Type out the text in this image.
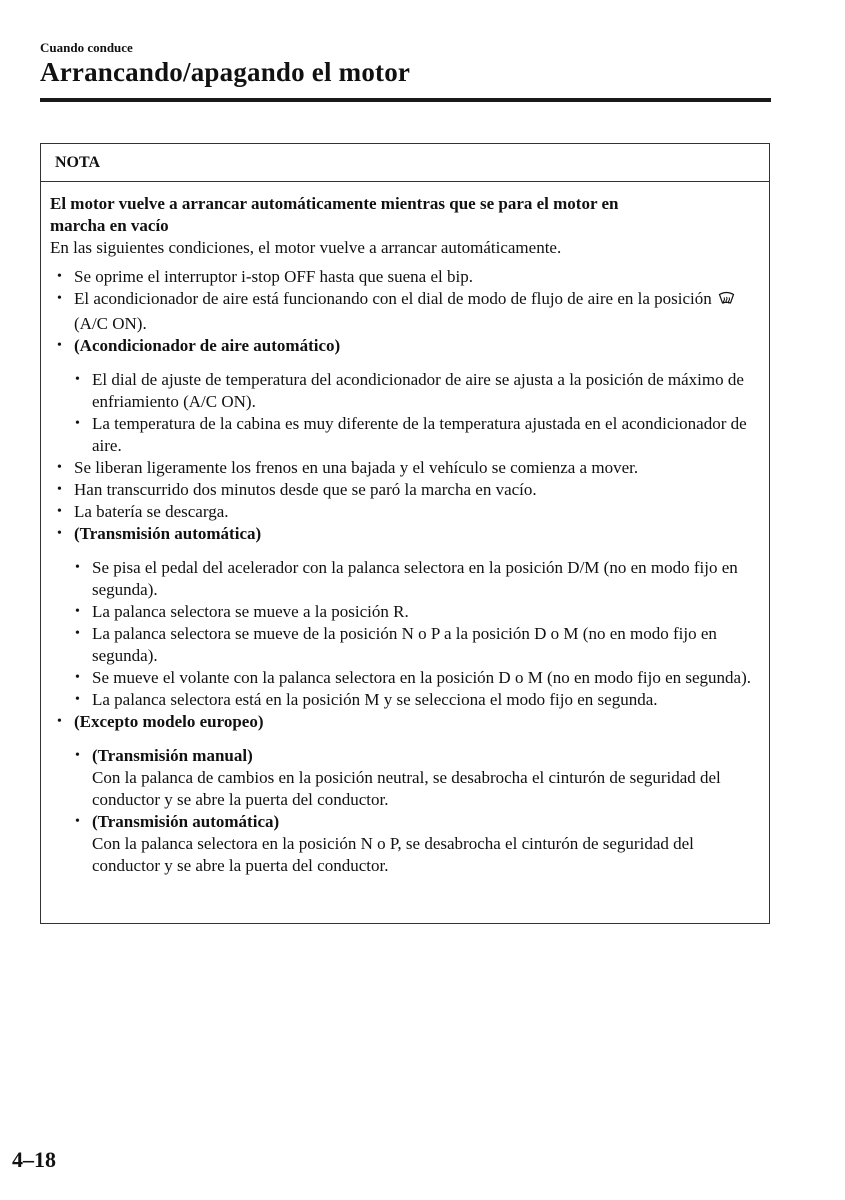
Cuando conduce
Arrancando/apagando el motor
NOTA

El motor vuelve a arrancar automáticamente mientras que se para el motor en
marcha en vacío

En las siguientes condiciones, el motor vuelve a arrancar automáticamente.

• Se oprime el interruptor i-stop OFF hasta que suena el bip.
• El acondicionador de aire está funcionando con el dial de modo de flujo de aire en la posición  (A/C ON).
• (Acondicionador de aire automático)
• El dial de ajuste de temperatura del acondicionador de aire se ajusta a la posición de máximo de enfriamiento (A/C ON).
• La temperatura de la cabina es muy diferente de la temperatura ajustada en el acondicionador de aire.
• Se liberan ligeramente los frenos en una bajada y el vehículo se comienza a mover.
• Han transcurrido dos minutos desde que se paró la marcha en vacío.
• La batería se descarga.
• (Transmisión automática)
• Se pisa el pedal del acelerador con la palanca selectora en la posición D/M (no en modo fijo en segunda).
• La palanca selectora se mueve a la posición R.
• La palanca selectora se mueve de la posición N o P a la posición D o M (no en modo fijo en segunda).
• Se mueve el volante con la palanca selectora en la posición D o M (no en modo fijo en segunda).
• La palanca selectora está en la posición M y se selecciona el modo fijo en segunda.
• (Excepto modelo europeo)
• (Transmisión manual)
Con la palanca de cambios en la posición neutral, se desabrocha el cinturón de seguridad del conductor y se abre la puerta del conductor.
• (Transmisión automática)
Con la palanca selectora en la posición N o P, se desabrocha el cinturón de seguridad del conductor y se abre la puerta del conductor.
4–18
